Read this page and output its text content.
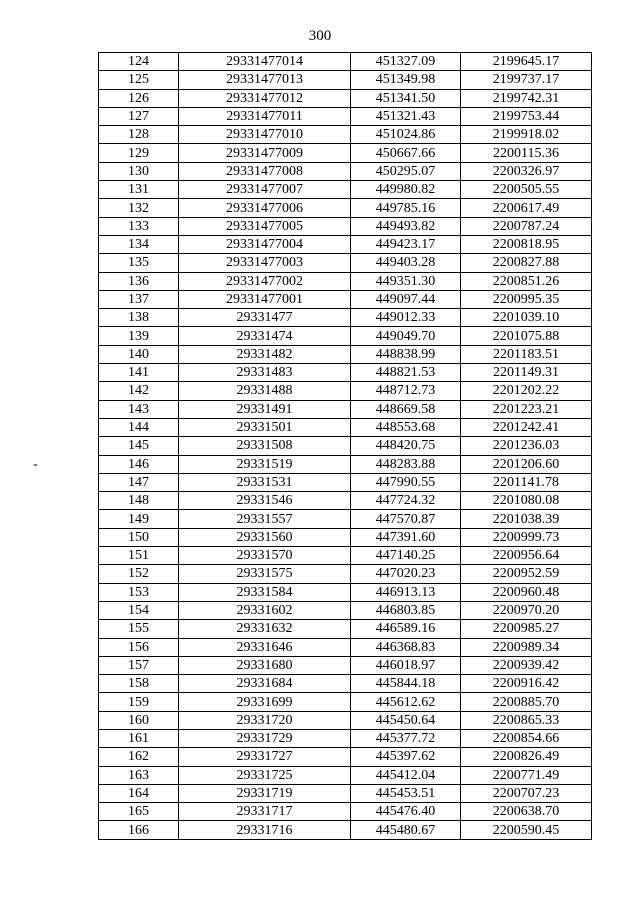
300
-
124	29331477014	451327.09	2199645.17
125	29331477013	451349.98	2199737.17
126	29331477012	451341.50	2199742.31
127	29331477011	451321.43	2199753.44
128	29331477010	451024.86	2199918.02
129	29331477009	450667.66	2200115.36
130	29331477008	450295.07	2200326.97
131	29331477007	449980.82	2200505.55
132	29331477006	449785.16	2200617.49
133	29331477005	449493.82	2200787.24
134	29331477004	449423.17	2200818.95
135	29331477003	449403.28	2200827.88
136	29331477002	449351.30	2200851.26
137	29331477001	449097.44	2200995.35
138	29331477	449012.33	2201039.10
139	29331474	449049.70	2201075.88
140	29331482	448838.99	2201183.51
141	29331483	448821.53	2201149.31
142	29331488	448712.73	2201202.22
143	29331491	448669.58	2201223.21
144	29331501	448553.68	2201242.41
145	29331508	448420.75	2201236.03
146	29331519	448283.88	2201206.60
147	29331531	447990.55	2201141.78
148	29331546	447724.32	2201080.08
149	29331557	447570.87	2201038.39
150	29331560	447391.60	2200999.73
151	29331570	447140.25	2200956.64
152	29331575	447020.23	2200952.59
153	29331584	446913.13	2200960.48
154	29331602	446803.85	2200970.20
155	29331632	446589.16	2200985.27
156	29331646	446368.83	2200989.34
157	29331680	446018.97	2200939.42
158	29331684	445844.18	2200916.42
159	29331699	445612.62	2200885.70
160	29331720	445450.64	2200865.33
161	29331729	445377.72	2200854.66
162	29331727	445397.62	2200826.49
163	29331725	445412.04	2200771.49
164	29331719	445453.51	2200707.23
165	29331717	445476.40	2200638.70
166	29331716	445480.67	2200590.45
